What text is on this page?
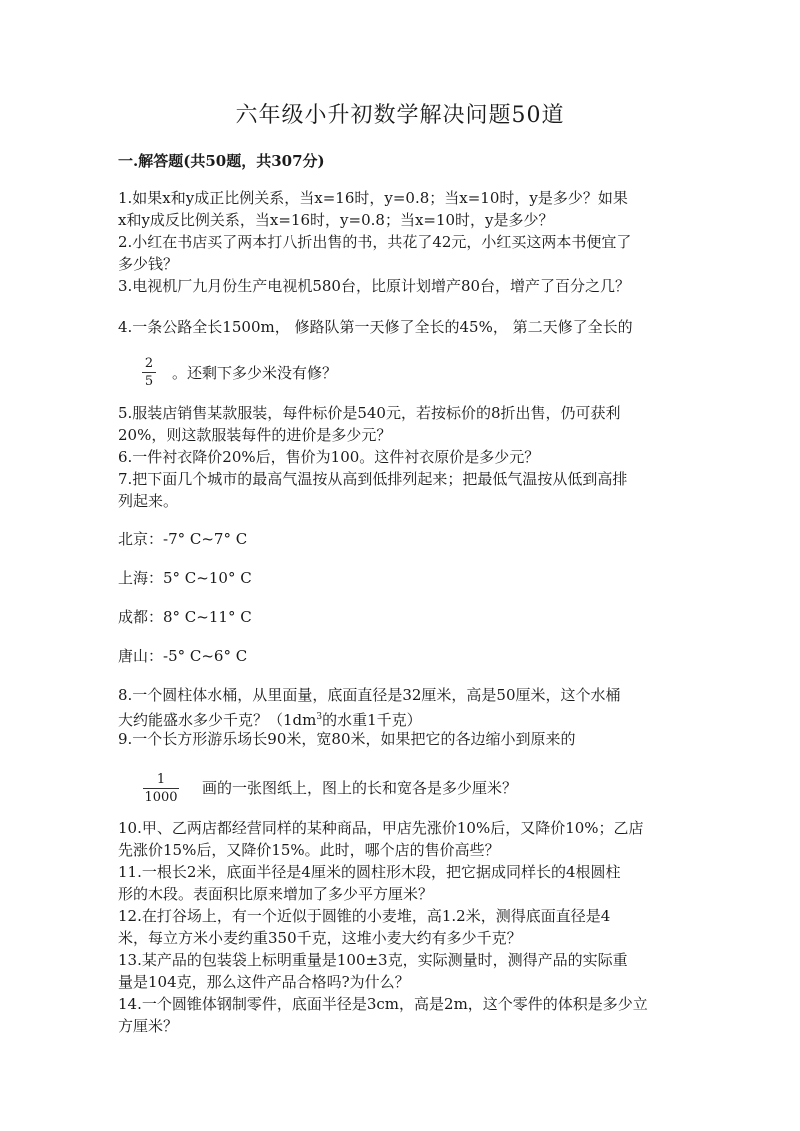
六年级小升初数学解决问题50道
一.解答题(共50题，共307分)
1.如果x和y成正比例关系，当x=16时，y=0.8；当x=10时，y是多少？如果
x和y成反比例关系，当x=16时，y=0.8；当x=10时，y是多少？
2.小红在书店买了两本打八折出售的书，共花了42元，小红买这两本书便宜了
多少钱？
3.电视机厂九月份生产电视机580台，比原计划增产80台，增产了百分之几？
4.一条公路全长1500m， 修路队第一天修了全长的45%， 第二天修了全长的
2
5 。还剩下多少米没有修？
5.服装店销售某款服装，每件标价是540元，若按标价的8折出售，仍可获利
20%，则这款服装每件的进价是多少元？
6.一件衬衣降价20%后，售价为100。这件衬衣原价是多少元？
7.把下面几个城市的最高气温按从高到低排列起来；把最低气温按从低到高排
列起来。
北京：-7° C~7° C
上海：5° C~10° C
成都：8° C~11° C
唐山：-5° C~6° C
8.一个圆柱体水桶，从里面量，底面直径是32厘米，高是50厘米，这个水桶
大约能盛水多少千克？（$1dm^3$的水重1千克）
9.一个长方形游乐场长90米，宽80米，如果把它的各边缩小到原来的
1
1000
画的一张图纸上，图上的长和宽各是多少厘米？
10.甲、乙两店都经营同样的某种商品，甲店先涨价10%后，又降价10%；乙店
先涨价15%后，又降价15%。此时，哪个店的售价高些？
11.一根长2米，底面半径是4厘米的圆柱形木段，把它据成同样长的4根圆柱
形的木段。表面积比原来增加了多少平方厘米？
12.在打谷场上，有一个近似于圆锥的小麦堆，高1.2米，测得底面直径是4
米，每立方米小麦约重350千克，这堆小麦大约有多少千克？
13.某产品的包装袋上标明重量是100±3克，实际测量时，测得产品的实际重
量是104克，那么这件产品合格吗?为什么？
14.一个圆锥体钢制零件，底面半径是3cm，高是2m，这个零件的体积是多少立
方厘米？
